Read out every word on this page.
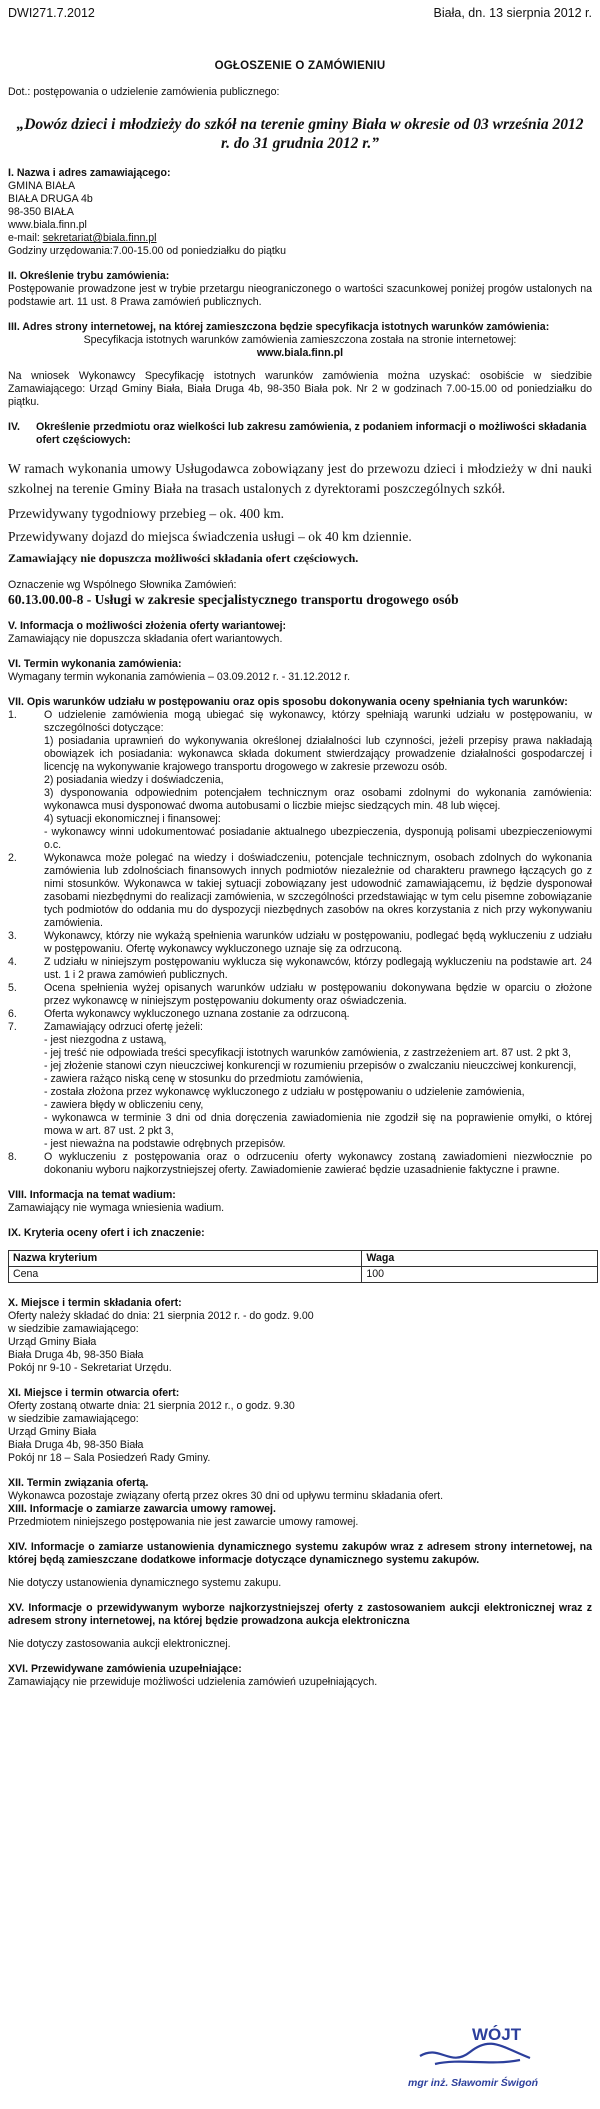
DWI271.7.2012	Biała, dn. 13 sierpnia 2012 r.
OGŁOSZENIE O ZAMÓWIENIU
Dot.: postępowania o udzielenie zamówienia publicznego:
„Dowóz dzieci i młodzieży do szkół na terenie gminy Biała w okresie od 03 września 2012 r. do 31 grudnia 2012 r.”
I. Nazwa i adres zamawiającego:
GMINA BIAŁA
BIAŁA DRUGA 4b
98-350 BIAŁA
www.biala.finn.pl
e-mail: sekretariat@biala.finn.pl
Godziny urzędowania:7.00-15.00 od poniedziałku do piątku
II. Określenie trybu zamówienia:
Postępowanie prowadzone jest w trybie przetargu nieograniczonego o wartości szacunkowej poniżej progów ustalonych na podstawie art. 11 ust. 8 Prawa zamówień publicznych.
III. Adres strony internetowej, na której zamieszczona będzie specyfikacja istotnych warunków zamówienia:
Specyfikacja istotnych warunków zamówienia zamieszczona została na stronie internetowej:
www.biala.finn.pl
Na wniosek Wykonawcy Specyfikację istotnych warunków zamówienia można uzyskać: osobiście w siedzibie Zamawiającego: Urząd Gminy Biała, Biała Druga 4b, 98-350 Biała pok. Nr 2 w godzinach 7.00-15.00 od poniedziałku do piątku.
IV.	Określenie przedmiotu oraz wielkości lub zakresu zamówienia, z podaniem informacji o możliwości składania ofert częściowych:
W ramach wykonania umowy Usługodawca zobowiązany jest do przewozu dzieci i młodzieży w dni nauki szkolnej na terenie Gminy Biała na trasach ustalonych z dyrektorami poszczególnych szkół.
Przewidywany tygodniowy przebieg – ok. 400 km.
Przewidywany dojazd do miejsca świadczenia usługi – ok 40 km dziennie.
Zamawiający nie dopuszcza możliwości składania ofert częściowych.
Oznaczenie wg Wspólnego Słownika Zamówień:
60.13.00.00-8 - Usługi w zakresie specjalistycznego transportu drogowego osób
V. Informacja o możliwości złożenia oferty wariantowej:
Zamawiający nie dopuszcza składania ofert wariantowych.
VI. Termin wykonania zamówienia:
Wymagany termin wykonania zamówienia – 03.09.2012 r. - 31.12.2012 r.
VII. Opis warunków udziału w postępowaniu oraz opis sposobu dokonywania oceny spełniania tych warunków:
1.	O udzielenie zamówienia mogą ubiegać się wykonawcy, którzy spełniają warunki udziału w postępowaniu, w szczególności dotyczące:
1) posiadania uprawnień do wykonywania określonej działalności lub czynności, jeżeli przepisy prawa nakładają obowiązek ich posiadania: wykonawca składa dokument stwierdzający prowadzenie działalności gospodarczej i licencję na wykonywanie krajowego transportu drogowego w zakresie przewozu osób.
2) posiadania wiedzy i doświadczenia,
3) dysponowania odpowiednim potencjałem technicznym oraz osobami zdolnymi do wykonania zamówienia: wykonawca musi dysponować dwoma autobusami o liczbie miejsc siedzących min. 48 lub więcej.
4) sytuacji ekonomicznej i finansowej:
- wykonawcy winni udokumentować posiadanie aktualnego ubezpieczenia, dysponują polisami ubezpieczeniowymi o.c.
2.	Wykonawca może polegać na wiedzy i doświadczeniu, potencjale technicznym, osobach zdolnych do wykonania zamówienia lub zdolnościach finansowych innych podmiotów niezależnie od charakteru prawnego łączących go z nimi stosunków. Wykonawca w takiej sytuacji zobowiązany jest udowodnić zamawiającemu, iż będzie dysponował zasobami niezbędnymi do realizacji zamówienia, w szczególności przedstawiając w tym celu pisemne zobowiązanie tych podmiotów do oddania mu do dyspozycji niezbędnych zasobów na okres korzystania z nich przy wykonywaniu zamówienia.
3.	Wykonawcy, którzy nie wykażą spełnienia warunków udziału w postępowaniu, podlegać będą wykluczeniu z udziału w postępowaniu. Ofertę wykonawcy wykluczonego uznaje się za odrzuconą.
4.	Z udziału w niniejszym postępowaniu wyklucza się wykonawców, którzy podlegają wykluczeniu na podstawie art. 24 ust. 1 i 2 prawa zamówień publicznych.
5.	Ocena spełnienia wyżej opisanych warunków udziału w postępowaniu dokonywana będzie w oparciu o złożone przez wykonawcę w niniejszym postępowaniu dokumenty oraz oświadczenia.
6.	Oferta wykonawcy wykluczonego uznana zostanie za odrzuconą.
7.	Zamawiający odrzuci ofertę jeżeli:
- jest niezgodna z ustawą,
- jej treść nie odpowiada treści specyfikacji istotnych warunków zamówienia, z zastrzeżeniem art. 87 ust. 2 pkt 3,
- jej złożenie stanowi czyn nieuczciwej konkurencji w rozumieniu przepisów o zwalczaniu nieuczciwej konkurencji,
- zawiera rażąco niską cenę w stosunku do przedmiotu zamówienia,
- została złożona przez wykonawcę wykluczonego z udziału w postępowaniu o udzielenie zamówienia,
- zawiera błędy w obliczeniu ceny,
- wykonawca w terminie 3 dni od dnia doręczenia zawiadomienia nie zgodził się na poprawienie omyłki, o której mowa w art. 87 ust. 2 pkt 3,
- jest nieważna na podstawie odrębnych przepisów.
8.	O wykluczeniu z postępowania oraz o odrzuceniu oferty wykonawcy zostaną zawiadomieni niezwłocznie po dokonaniu wyboru najkorzystniejszej oferty. Zawiadomienie zawierać będzie uzasadnienie faktyczne i prawne.
VIII. Informacja na temat wadium:
Zamawiający nie wymaga wniesienia wadium.
IX. Kryteria oceny ofert i ich znaczenie:
Nazwa kryterium	Waga
Cena	100
X. Miejsce i termin składania ofert:
Oferty należy składać do dnia: 21 sierpnia 2012 r. - do godz. 9.00
w siedzibie zamawiającego:
Urząd Gminy Biała
Biała Druga 4b, 98-350 Biała
Pokój nr 9-10 - Sekretariat Urzędu.
XI. Miejsce i termin otwarcia ofert:
Oferty zostaną otwarte dnia: 21 sierpnia 2012 r., o godz. 9.30
w siedzibie zamawiającego:
Urząd Gminy Biała
Biała Druga 4b, 98-350 Biała
Pokój nr 18 – Sala Posiedzeń Rady Gminy.
XII. Termin związania ofertą.
Wykonawca pozostaje związany ofertą przez okres 30 dni od upływu terminu składania ofert.
XIII. Informacje o zamiarze zawarcia umowy ramowej.
Przedmiotem niniejszego postępowania nie jest zawarcie umowy ramowej.
XIV. Informacje o zamiarze ustanowienia dynamicznego systemu zakupów wraz z adresem strony internetowej, na której będą zamieszczane dodatkowe informacje dotyczące dynamicznego systemu zakupów.
Nie dotyczy ustanowienia dynamicznego systemu zakupu.
XV. Informacje o przewidywanym wyborze najkorzystniejszej oferty z zastosowaniem aukcji elektronicznej wraz z adresem strony internetowej, na której będzie prowadzona aukcja elektroniczna
Nie dotyczy zastosowania aukcji elektronicznej.
XVI. Przewidywane zamówienia uzupełniające:
Zamawiający nie przewiduje możliwości udzielenia zamówień uzupełniających.
WÓJT
mgr inż. Sławomir Świgoń
